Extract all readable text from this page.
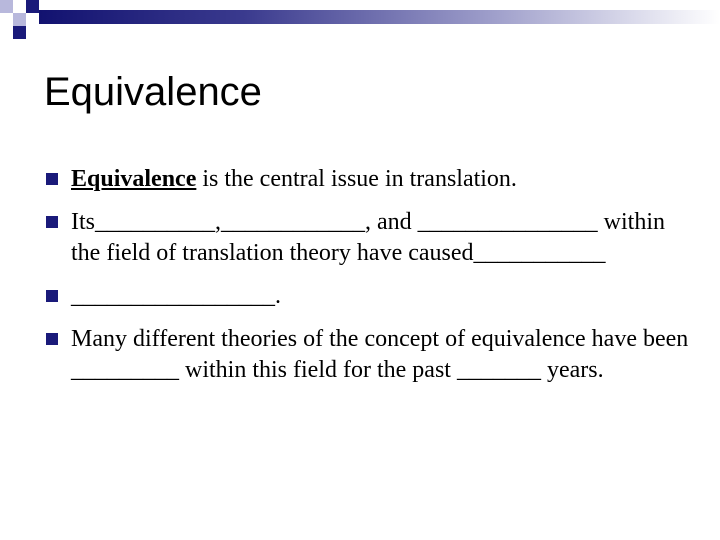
Equivalence
Equivalence is the central issue in translation.
Its__________,____________, and _______________ within the field of translation theory have caused___________
_________________.
Many different theories of the concept of equivalence have been _________ within this field for the past _______ years.
